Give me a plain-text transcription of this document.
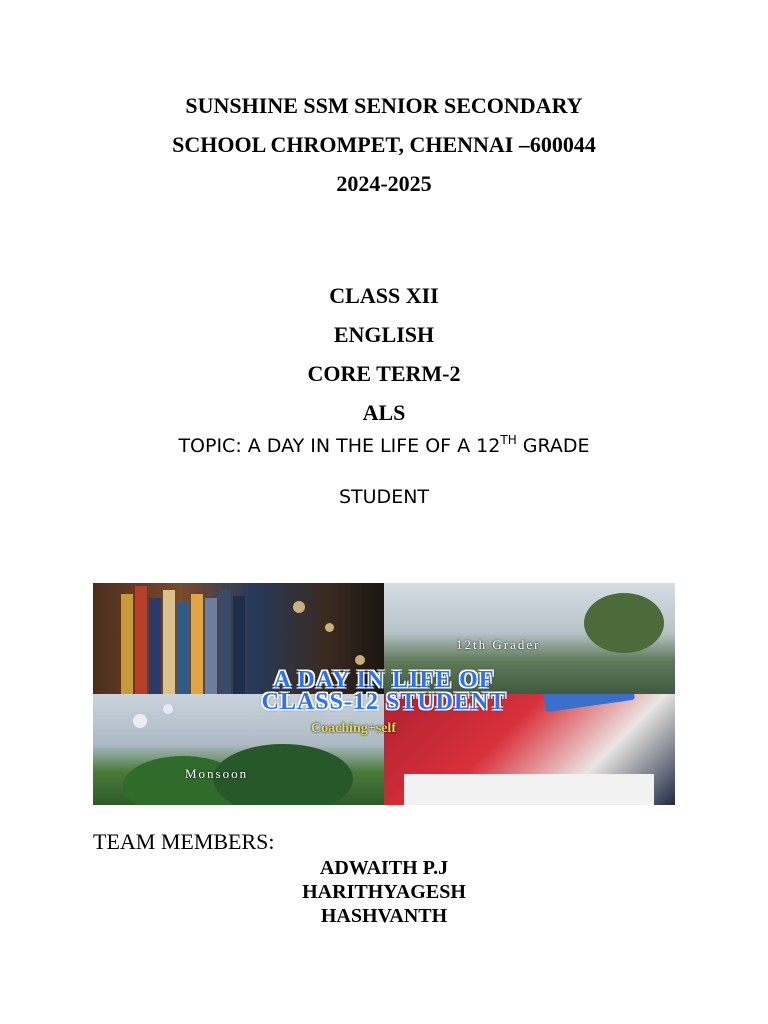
SUNSHINE SSM SENIOR SECONDARY
SCHOOL CHROMPET, CHENNAI –600044
2024-2025
CLASS XII
ENGLISH
CORE TERM-2
ALS
TOPIC: A DAY IN THE LIFE OF A 12TH GRADE
STUDENT
12th Grader
Monsoon
A DAY IN LIFE OF
CLASS-12 STUDENT
Coaching+self
TEAM MEMBERS:
ADWAITH P.J
HARITHYAGESH
HASHVANTH
